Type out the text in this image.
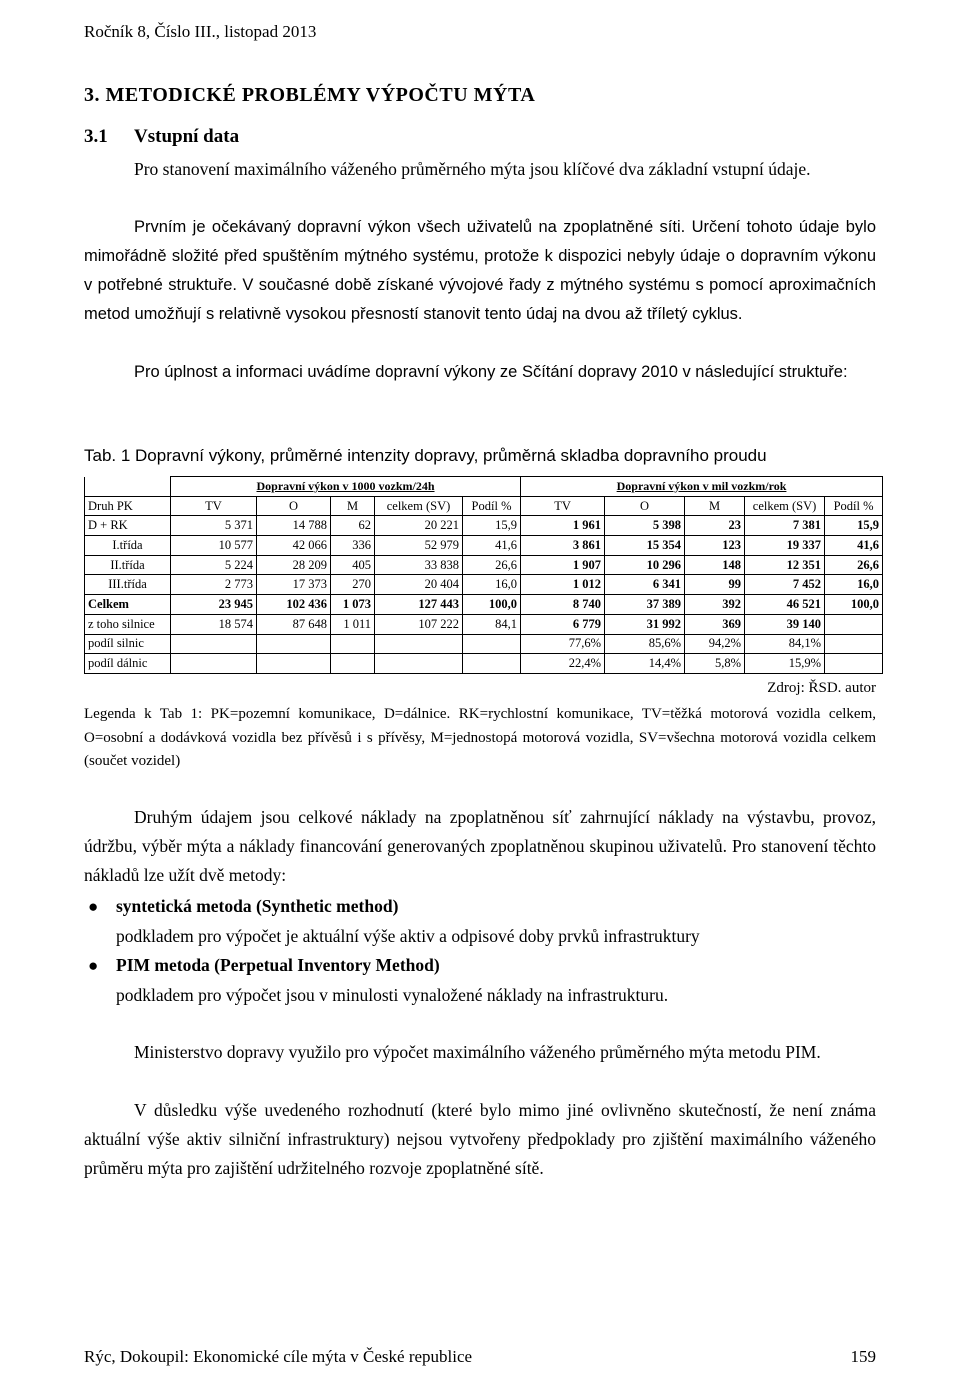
Ročník 8, Číslo III., listopad 2013
3. METODICKÉ PROBLÉMY VÝPOČTU MÝTA
3.1 Vstupní data

Pro stanovení maximálního váženého průměrného mýta jsou klíčové dva základní vstupní údaje.

Prvním je očekávaný dopravní výkon všech uživatelů na zpoplatněné síti. Určení tohoto údaje bylo mimořádně složité před spuštěním mýtného systému, protože k dispozici nebyly údaje o dopravním výkonu v potřebné struktuře. V současné době získané vývojové řady z mýtného systému s pomocí aproximačních metod umožňují s relativně vysokou přesností stanovit tento údaj na dvou až tříletý cyklus.

Pro úplnost a informaci uvádíme dopravní výkony ze Sčítání dopravy 2010 v následující struktuře:

Tab. 1 Dopravní výkony, průměrné intenzity dopravy, průměrná skladba dopravního proudu
	Dopravní výkon v 1000 vozkm/24h					Dopravní výkon v mil vozkm/rok				
Druh PK	TV	O	M	celkem (SV)	Podíl %	TV	O	M	celkem (SV)	Podíl %
D + RK	5 371	14 788	62	20 221	15,9	1 961	5 398	23	7 381	15,9
I.třída	10 577	42 066	336	52 979	41,6	3 861	15 354	123	19 337	41,6
II.třída	5 224	28 209	405	33 838	26,6	1 907	10 296	148	12 351	26,6
III.třída	2 773	17 373	270	20 404	16,0	1 012	6 341	99	7 452	16,0
Celkem	23 945	102 436	1 073	127 443	100,0	8 740	37 389	392	46 521	100,0
z toho silnice	18 574	87 648	1 011	107 222	84,1	6 779	31 992	369	39 140	
podíl silnic						77,6%	85,6%	94,2%	84,1%	
podíl dálnic						22,4%	14,4%	5,8%	15,9%	
Zdroj: ŘSD. autor
Legenda k Tab 1: PK=pozemní komunikace, D=dálnice. RK=rychlostní komunikace, TV=těžká motorová vozidla celkem, O=osobní a dodávková vozidla bez přívěsů i s přívěsy, M=jednostopá motorová vozidla, SV=všechna motorová vozidla celkem (součet vozidel)

Druhým údajem jsou celkové náklady na zpoplatněnou síť zahrnující náklady na výstavbu, provoz, údržbu, výběr mýta a náklady financování generovaných zpoplatněnou skupinou uživatelů. Pro stanovení těchto nákladů lze užít dvě metody:

● syntetická metoda (Synthetic method)
podkladem pro výpočet je aktuální výše aktiv a odpisové doby prvků infrastruktury
● PIM metoda (Perpetual Inventory Method)
podkladem pro výpočet jsou v minulosti vynaložené náklady na infrastrukturu.

Ministerstvo dopravy využilo pro výpočet maximálního váženého průměrného mýta metodu PIM.

V důsledku výše uvedeného rozhodnutí (které bylo mimo jiné ovlivněno skutečností, že není známa aktuální výše aktiv silniční infrastruktury) nejsou vytvořeny předpoklady pro zjištění maximálního váženého průměru mýta pro zajištění udržitelného rozvoje zpoplatněné sítě.

Rýc, Dokoupil: Ekonomické cíle mýta v České republice	159
